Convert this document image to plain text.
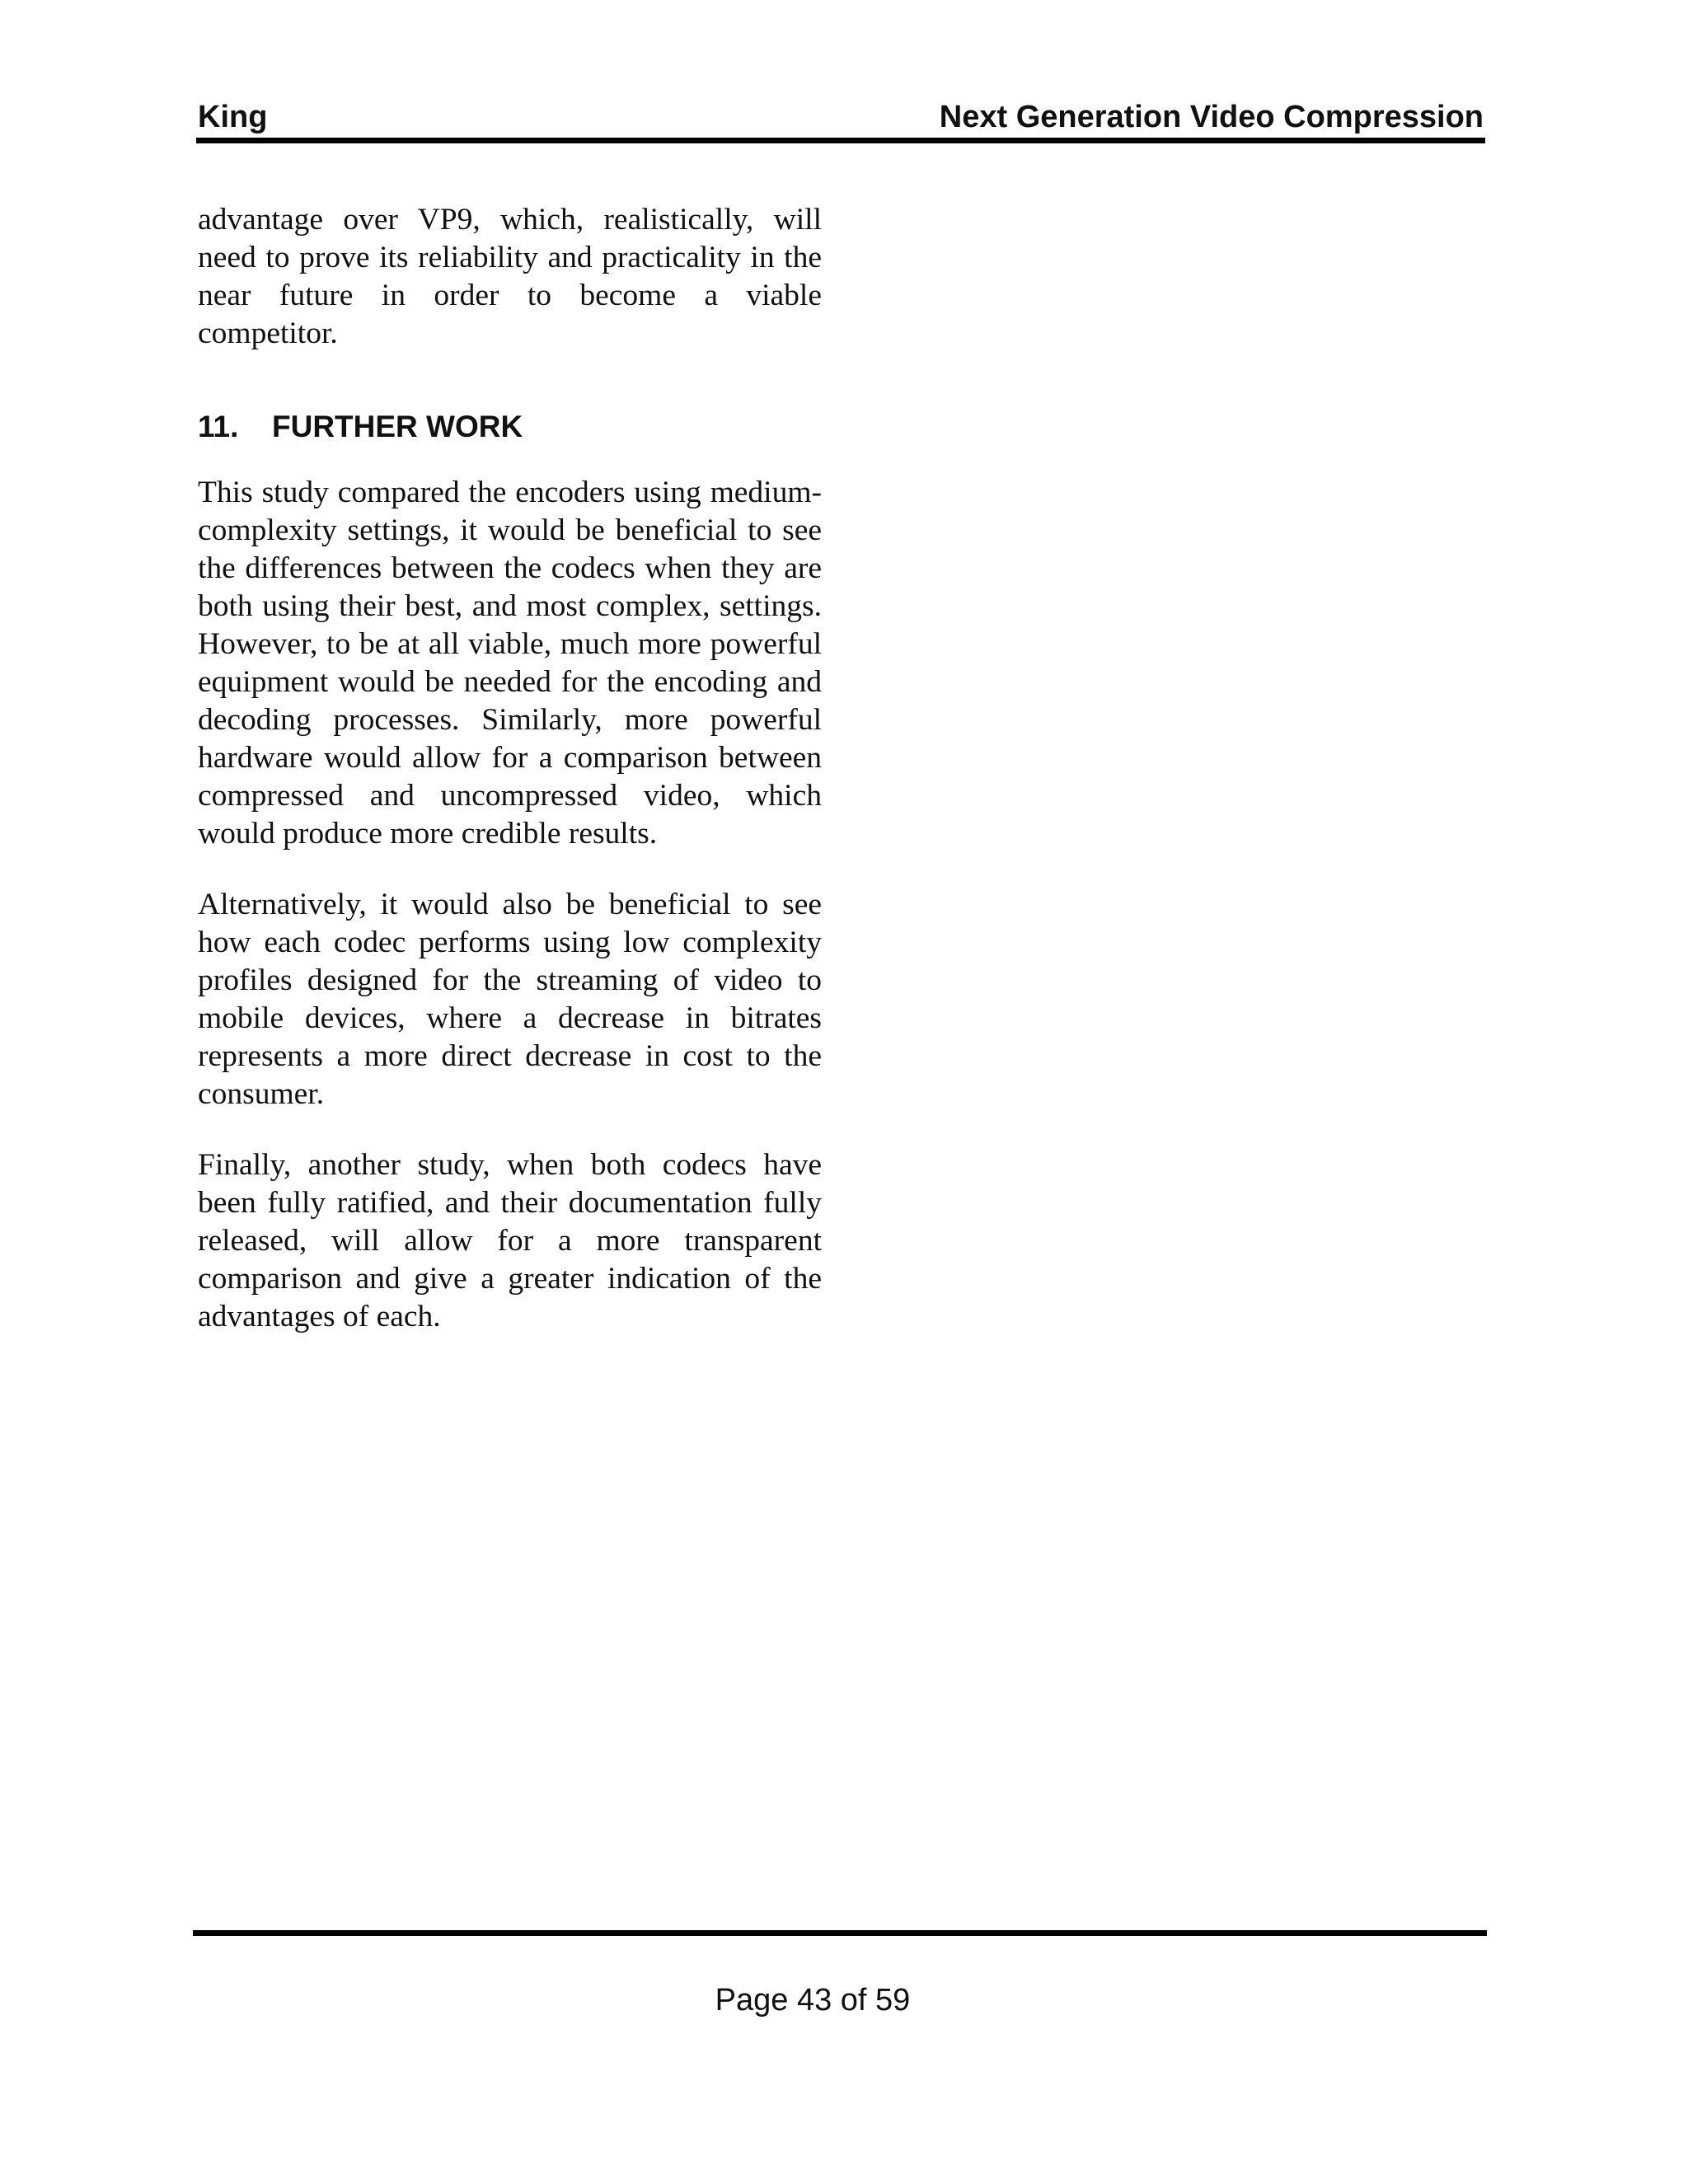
King	Next Generation Video Compression

advantage over VP9, which, realistically, will need to prove its reliability and practicality in the near future in order to become a viable competitor.

11. FURTHER WORK

This study compared the encoders using medium-complexity settings, it would be beneficial to see the differences between the codecs when they are both using their best, and most complex, settings. However, to be at all viable, much more powerful equipment would be needed for the encoding and decoding processes. Similarly, more powerful hardware would allow for a comparison between compressed and uncompressed video, which would produce more credible results.

Alternatively, it would also be beneficial to see how each codec performs using low complexity profiles designed for the streaming of video to mobile devices, where a decrease in bitrates represents a more direct decrease in cost to the consumer.

Finally, another study, when both codecs have been fully ratified, and their documentation fully released, will allow for a more transparent comparison and give a greater indication of the advantages of each.

Page 43 of 59
